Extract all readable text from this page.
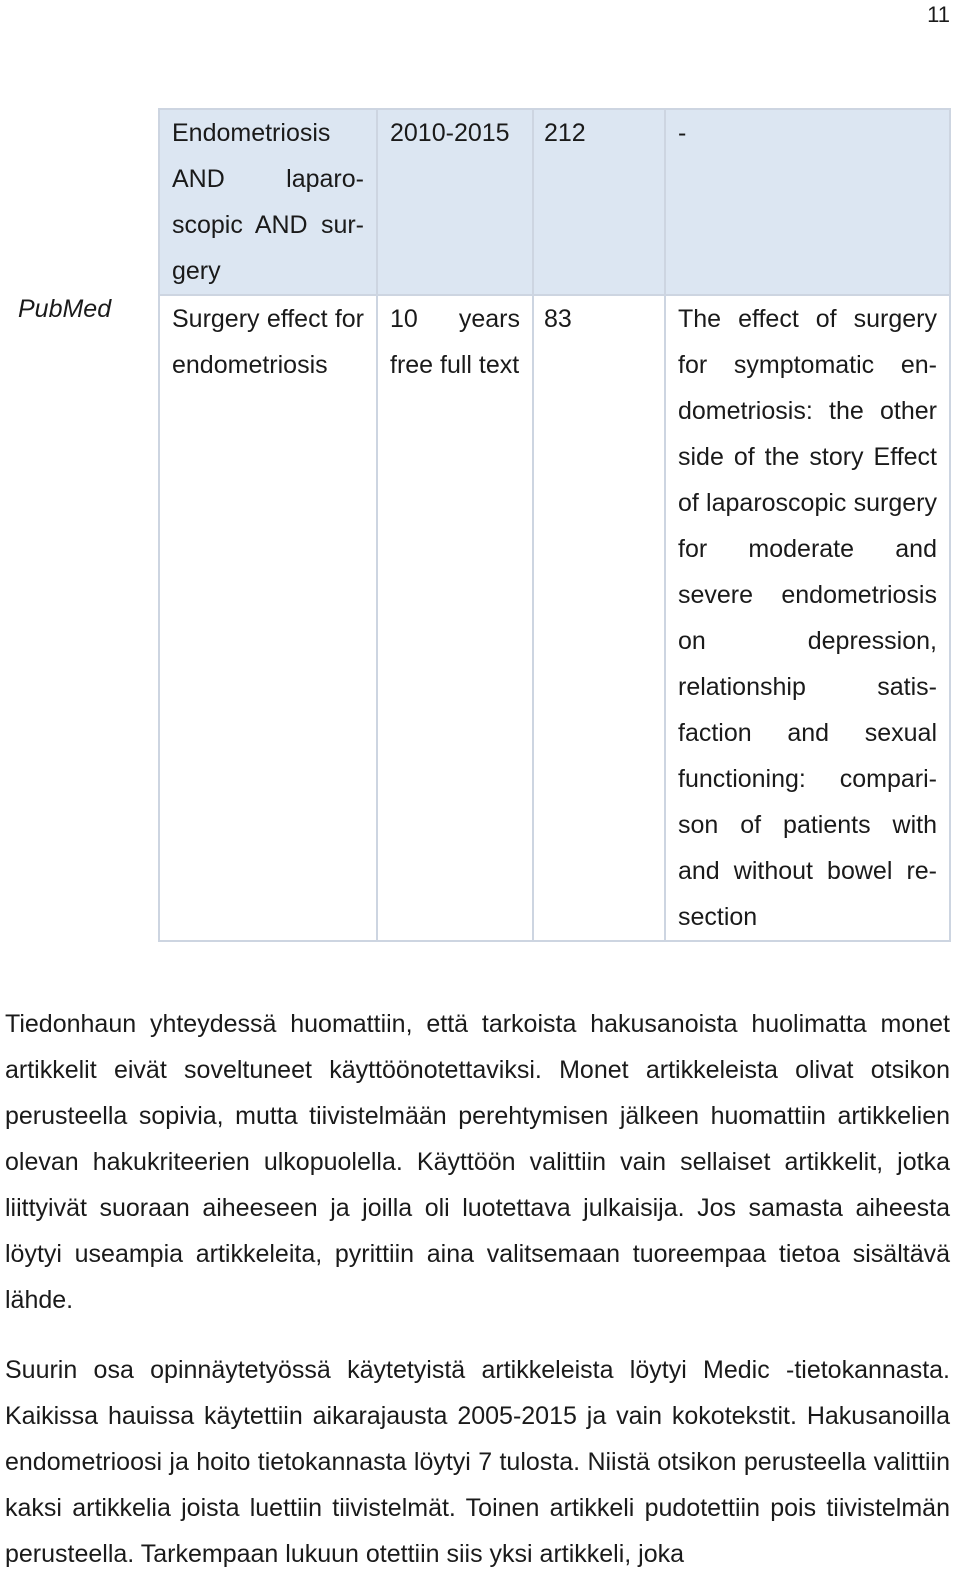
11
PubMed
Endometriosis AND laparoscopic AND surgery	2010-2015	212	-
Surgery effect for endometriosis	10 years free full text	83	The effect of surgery for symptomatic endometriosis: the other side of the story Effect of laparoscopic surgery for moderate and severe endometriosis on depression, relationship satisfaction and sexual functioning: comparison of patients with and without bowel resection

Tiedonhaun yhteydessä huomattiin, että tarkoista hakusanoista huolimatta monet artikkelit eivät soveltuneet käyttöönotettaviksi. Monet artikkeleista olivat otsikon perusteella sopivia, mutta tiivistelmään perehtymisen jälkeen huomattiin artikkelien olevan hakukriteerien ulkopuolella. Käyttöön valittiin vain sellaiset artikkelit, jotka liittyivät suoraan aiheeseen ja joilla oli luotettava julkaisija. Jos samasta aiheesta löytyi useampia artikkeleita, pyrittiin aina valitsemaan tuoreempaa tietoa sisältävä lähde.

Suurin osa opinnäytetyössä käytetyistä artikkeleista löytyi Medic -tietokannasta. Kaikissa hauissa käytettiin aikarajausta 2005-2015 ja vain kokotekstit. Hakusanoilla endometrioosi ja hoito tietokannasta löytyi 7 tulosta. Niistä otsikon perusteella valittiin kaksi artikkelia joista luettiin tiivistelmät. Toinen artikkeli pudotettiin pois tiivistelmän perusteella. Tarkempaan lukuun otettiin siis yksi artikkeli, joka
